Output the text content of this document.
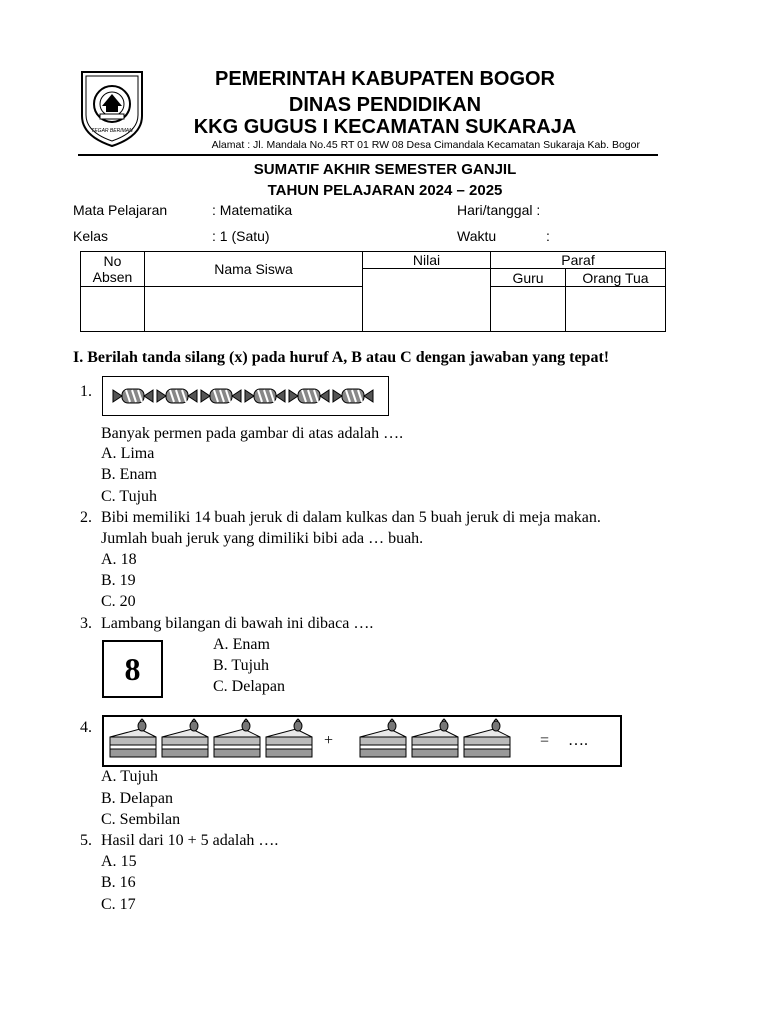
TEGAR BERIMAN
PEMERINTAH KABUPATEN BOGOR
DINAS PENDIDIKAN
KKG GUGUS I KECAMATAN SUKARAJA
Alamat : Jl. Mandala No.45 RT 01 RW 08 Desa Cimandala Kecamatan Sukaraja Kab. Bogor
SUMATIF AKHIR SEMESTER GANJIL
TAHUN PELAJARAN 2024 – 2025
Mata Pelajaran	: Matematika	Hari/tanggal :
Kelas	: 1 (Satu)	Waktu	:
No
Absen	Nama Siswa	Nilai	Paraf	
			Guru	Orang Tua

I. Berilah tanda silang (x) pada huruf A, B atau C dengan jawaban yang tepat!
1.
Banyak permen pada gambar di atas adalah ….
A. Lima
B. Enam
C. Tujuh
2. Bibi memiliki 14 buah jeruk di dalam kulkas dan 5 buah jeruk di meja makan.
Jumlah buah jeruk yang dimiliki bibi ada … buah.
A. 18
B. 19
C. 20
3. Lambang bilangan di bawah ini dibaca ….
8
A. Enam
B. Tujuh
C. Delapan
4.
+	= ….
A. Tujuh
B. Delapan
C. Sembilan
5. Hasil dari 10 + 5 adalah ….
A. 15
B. 16
C. 17
